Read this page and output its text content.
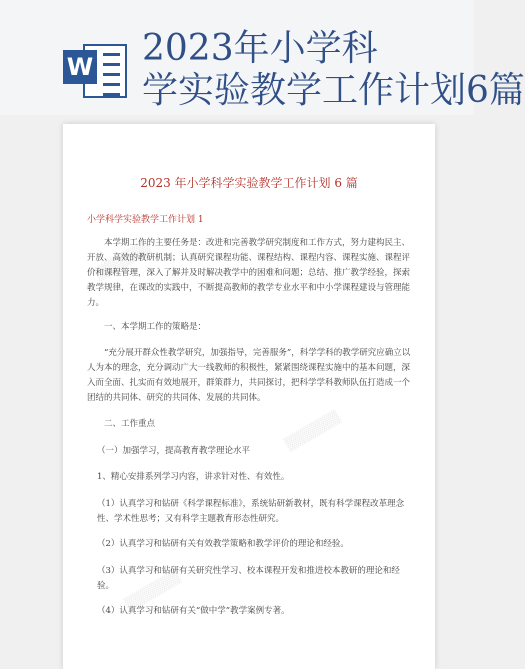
W 2023年小学科
学实验教学工作计划6篇
▒▒▒▒▒▒
▒▒▒▒▒▒
▒▒▒▒▒▒
2023 年小学科学实验教学工作计划 6 篇
小学科学实验教学工作计划 1
本学期工作的主要任务是：改进和完善教学研究制度和工作方式，努力建构民主、开放、高效的教研机制；认真研究课程功能、课程结构、课程内容、课程实施、课程评价和课程管理，深入了解并及时解决教学中的困难和问题；总结、推广教学经验，探索教学规律，在课改的实践中，不断提高教师的教学专业水平和中小学课程建设与管理能力。
一、本学期工作的策略是：
“充分展开群众性教学研究，加强指导，完善服务”，科学学科的教学研究应确立以人为本的理念，充分调动广大一线教师的积极性，紧紧围绕课程实施中的基本问题，深入而全面、扎实而有效地展开，群策群力，共同探讨，把科学学科教师队伍打造成一个团结的共同体、研究的共同体、发展的共同体。
二、工作重点
（一）加强学习，提高教育教学理论水平
1、精心安排系列学习内容，讲求针对性、有效性。
（1）认真学习和钻研《科学课程标准》，系统钻研新教材，既有科学课程改革理念性、学术性思考；又有科学主题教育形态性研究。
（2）认真学习和钻研有关有效教学策略和教学评价的理论和经验。
（3）认真学习和钻研有关研究性学习、校本课程开发和推进校本教研的理论和经验。
（4）认真学习和钻研有关“做中学”教学案例专著。
